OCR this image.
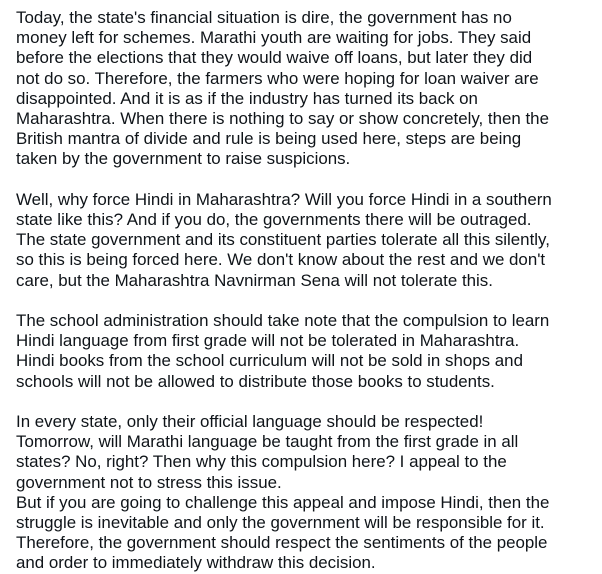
Today, the state's financial situation is dire, the government has no
money left for schemes. Marathi youth are waiting for jobs. They said
before the elections that they would waive off loans, but later they did
not do so. Therefore, the farmers who were hoping for loan waiver are
disappointed. And it is as if the industry has turned its back on
Maharashtra. When there is nothing to say or show concretely, then the
British mantra of divide and rule is being used here, steps are being
taken by the government to raise suspicions.

Well, why force Hindi in Maharashtra? Will you force Hindi in a southern
state like this? And if you do, the governments there will be outraged.
The state government and its constituent parties tolerate all this silently,
so this is being forced here. We don't know about the rest and we don't
care, but the Maharashtra Navnirman Sena will not tolerate this.

The school administration should take note that the compulsion to learn
Hindi language from first grade will not be tolerated in Maharashtra.
Hindi books from the school curriculum will not be sold in shops and
schools will not be allowed to distribute those books to students.

In every state, only their official language should be respected!
Tomorrow, will Marathi language be taught from the first grade in all
states? No, right? Then why this compulsion here? I appeal to the
government not to stress this issue.
But if you are going to challenge this appeal and impose Hindi, then the
struggle is inevitable and only the government will be responsible for it.
Therefore, the government should respect the sentiments of the people
and order to immediately withdraw this decision.
